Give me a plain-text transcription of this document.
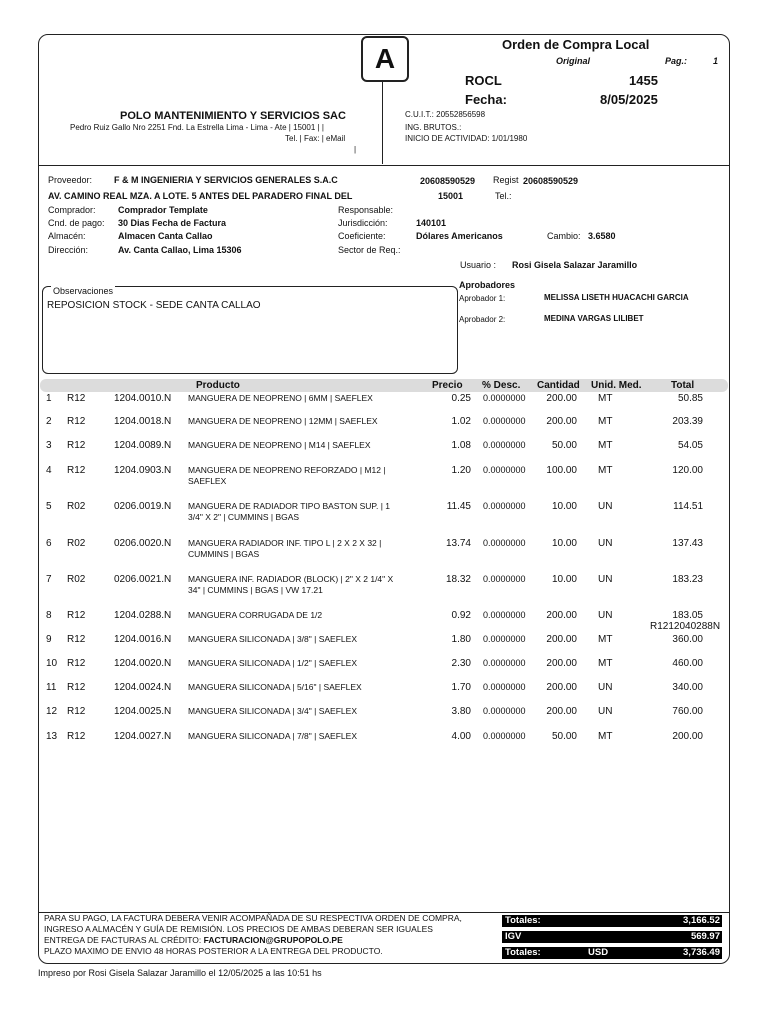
A	Orden de Compra Local
Original	Pag.:	1
ROCL	1455
Fecha:	8/05/2025
POLO MANTENIMIENTO Y SERVICIOS SAC
Pedro Ruiz Gallo Nro 2251 Fnd. La Estrella Lima - Lima - Ate | 15001 | |
Tel. | Fax: | eMail
|
C.U.I.T.: 20552856598
ING. BRUTOS.:
INICIO DE ACTIVIDAD: 1/01/1980
Proveedor: F & M INGENIERIA Y SERVICIOS GENERALES S.A.C	20608590529 Regist 20608590529
AV. CAMINO REAL MZA. A LOTE. 5 ANTES DEL PARADERO FINAL DEL	15001	Tel.:
Comprador: Comprador Template
Cnd. de pago: 30 Dias Fecha de Factura
Almacén:	Almacen Canta Callao
Dirección:	Av. Canta Callao, Lima 15306
Responsable:
Jurisdicción:	140101
Coeficiente:	Dólares Americanos	Cambio: 3.6580
Sector de Req.:
Usuario : Rosi Gisela Salazar Jaramillo
Observaciones
REPOSICION STOCK - SEDE CANTA CALLAO
Aprobadores
Aprobador 1:	MELISSA LISETH HUACACHI GARCIA
Aprobador 2:	MEDINA VARGAS LILIBET
Producto	Precio % Desc. Cantidad Unid. Med.	Total
1 R12	1204.0010.N MANGUERA DE NEOPRENO | 6MM | SAEFLEX	0.25 0.0000000	200.00 MT	50.85
2 R12	1204.0018.N MANGUERA DE NEOPRENO | 12MM | SAEFLEX	1.02 0.0000000	200.00 MT	203.39
3 R12	1204.0089.N MANGUERA DE NEOPRENO | M14 | SAEFLEX	1.08 0.0000000	50.00 MT	54.05
4 R12	1204.0903.N MANGUERA DE NEOPRENO REFORZADO | M12 | SAEFLEX
1.20 0.0000000	100.00 MT	120.00
5 R02	0206.0019.N MANGUERA DE RADIADOR TIPO BASTON SUP. | 1 3/4" X 2" | CUMMINS | BGAS
11.45 0.0000000	10.00 UN	114.51
6 R02	0206.0020.N MANGUERA RADIADOR INF. TIPO L | 2 X 2 X 32 | CUMMINS | BGAS
13.74 0.0000000	10.00 UN	137.43
7 R02	0206.0021.N MANGUERA INF. RADIADOR (BLOCK) | 2" X 2 1/4" X 34" | CUMMINS | BGAS | VW 17.21
18.32 0.0000000	10.00 UN	183.23
8 R12	1204.0288.N MANGUERA CORRUGADA DE 1/2	0.92 0.0000000	200.00 UN	183.05
R1212040288N
9 R12	1204.0016.N MANGUERA SILICONADA | 3/8" | SAEFLEX	1.80 0.0000000	200.00 MT	360.00
10 R12	1204.0020.N MANGUERA SILICONADA | 1/2" | SAEFLEX	2.30 0.0000000	200.00 MT	460.00
11 R12	1204.0024.N MANGUERA SILICONADA | 5/16" | SAEFLEX	1.70 0.0000000	200.00 UN	340.00
12 R12	1204.0025.N MANGUERA SILICONADA | 3/4" | SAEFLEX	3.80 0.0000000	200.00 UN	760.00
13 R12	1204.0027.N MANGUERA SILICONADA | 7/8" | SAEFLEX	4.00 0.0000000	50.00 MT	200.00
PARA SU PAGO, LA FACTURA DEBERA VENIR ACOMPAÑADA DE SU RESPECTIVA ORDEN DE COMPRA,
INGRESO A ALMACÉN Y GUÍA DE REMISIÓN. LOS PRECIOS DE AMBAS DEBERAN SER IGUALES
ENTREGA DE FACTURAS AL CRÉDITO: FACTURACION@GRUPOPOLO.PE
PLAZO MAXIMO DE ENVIO 48 HORAS POSTERIOR A LA ENTREGA DEL PRODUCTO.
Totales:	3,166.52
IGV	569.97
Totales:	USD	3,736.49
Impreso por Rosi Gisela Salazar Jaramillo el 12/05/2025 a las 10:51 hs
